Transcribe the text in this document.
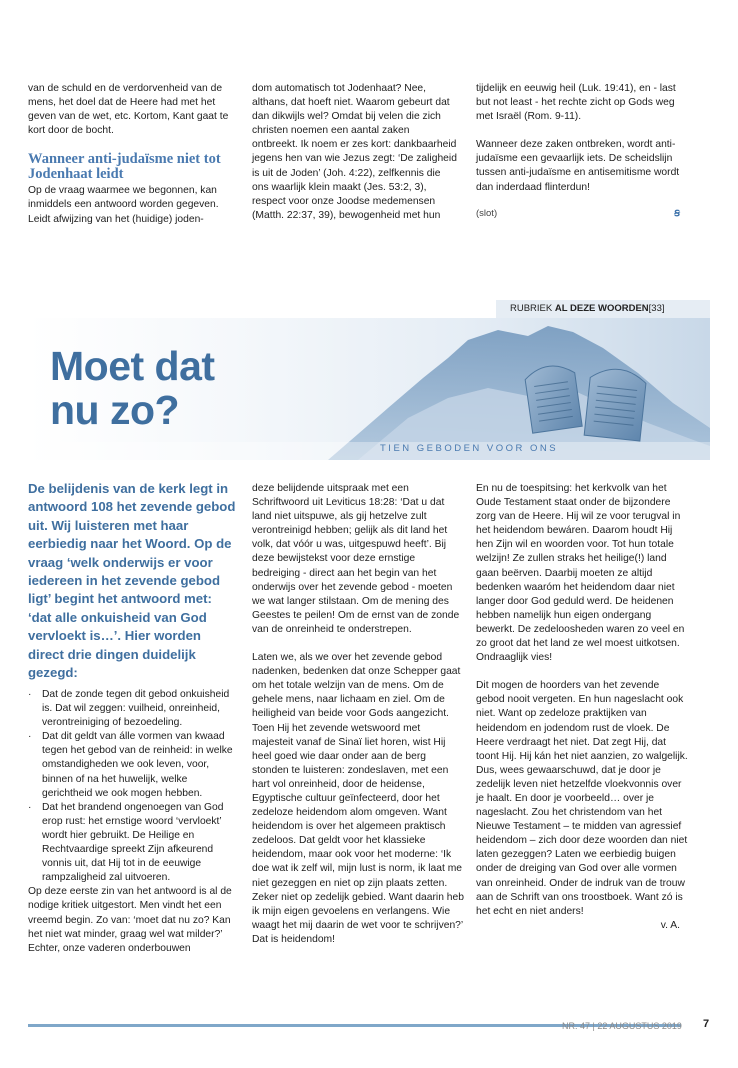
van de schuld en de verdorvenheid van de mens, het doel dat de Heere had met het geven van de wet, etc. Kortom, Kant gaat te kort door de bocht.

Wanneer anti-judaïsme niet tot Jodenhaat leidt

Op de vraag waarmee we begonnen, kan inmiddels een antwoord worden gegeven. Leidt afwijzing van het (huidige) joden-

dom automatisch tot Jodenhaat? Nee, althans, dat hoeft niet. Waarom gebeurt dat dan dikwijls wel? Omdat bij velen die zich christen noemen een aantal zaken ontbreekt. Ik noem er zes kort: dankbaarheid jegens hen van wie Jezus zegt: ‘De zaligheid is uit de Joden’ (Joh. 4:22), zelfkennis die ons waarlijk klein maakt (Jes. 53:2, 3), respect voor onze Joodse medemensen (Matth. 22:37, 39), bewogenheid met hun

tijdelijk en eeuwig heil (Luk. 19:41), en - last but not least - het rechte zicht op Gods weg met Israël (Rom. 9-11).

Wanneer deze zaken ontbreken, wordt anti-judaïsme een gevaarlijk iets. De scheidslijn tussen anti-judaïsme en antisemitisme wordt dan inderdaad flinterdun!

(slot)	ꞩ
RUBRIEK AL DEZE WOORDEN[33]
Moet dat
nu zo?
TIEN GEBODEN VOOR ONS
De belijdenis van de kerk legt in antwoord 108 het zevende gebod uit. Wij luisteren met haar eerbiedig naar het Woord. Op de vraag ‘welk onderwijs er voor iedereen in het zevende gebod ligt’ begint het antwoord met: ‘dat alle onkuisheid van God vervloekt is…’. Hier worden direct drie dingen duidelijk gezegd:
· Dat de zonde tegen dit gebod onkuisheid is. Dat wil zeggen: vuilheid, onreinheid, verontreiniging of bezoedeling.
· Dat dit geldt van álle vormen van kwaad tegen het gebod van de reinheid: in welke omstandigheden we ook leven, voor, binnen of na het huwelijk, welke gerichtheid we ook mogen hebben.
· Dat het brandend ongenoegen van God erop rust: het ernstige woord ‘vervloekt’ wordt hier gebruikt. De Heilige en Rechtvaardige spreekt Zijn afkeurend vonnis uit, dat Hij tot in de eeuwige rampzaligheid zal uitvoeren.

Op deze eerste zin van het antwoord is al de nodige kritiek uitgestort. Men vindt het een vreemd begin. Zo van: ‘moet dat nu zo? Kan het niet wat minder, graag wel wat milder?’ Echter, onze vaderen onderbouwen

deze belijdende uitspraak met een Schriftwoord uit Leviticus 18:28: ‘Dat u dat land niet uitspuwe, als gij hetzelve zult verontreinigd hebben; gelijk als dit land het volk, dat vóór u was, uitgespuwd heeft’. Bij deze bewijstekst voor deze ernstige bedreiging - direct aan het begin van het onderwijs over het zevende gebod - moeten we wat langer stilstaan. Om de mening des Geestes te peilen! Om de ernst van de zonde van de onreinheid te onderstrepen.

Laten we, als we over het zevende gebod nadenken, bedenken dat onze Schepper gaat om het totale welzijn van de mens. Om de gehele mens, naar lichaam en ziel. Om de heiligheid van beide voor Gods aangezicht. Toen Hij het zevende wetswoord met majesteit vanaf de Sinaï liet horen, wist Hij heel goed wie daar onder aan de berg stonden te luisteren: zondeslaven, met een hart vol onreinheid, door de heidense, Egyptische cultuur geïnfecteerd, door het zedeloze heidendom alom omgeven. Want heidendom is over het algemeen praktisch zedeloos. Dat geldt voor het klassieke heidendom, maar ook voor het moderne: ‘Ik doe wat ik zelf wil, mijn lust is norm, ik laat me niet gezeggen en niet op zijn plaats zetten. Zeker niet op zedelijk gebied. Want daarin heb ik mijn eigen gevoelens en verlangens. Wie waagt het mij daarin de wet voor te schrijven?’ Dat is heidendom!

En nu de toespitsing: het kerkvolk van het Oude Testament staat onder de bijzondere zorg van de Heere. Hij wil ze voor terugval in het heidendom bewáren. Daarom houdt Hij hen Zijn wil en woorden voor. Tot hun totale welzijn! Ze zullen straks het heilige(!) land gaan beërven. Daarbij moeten ze altijd bedenken waaróm het heidendom daar niet langer door God geduld werd. De heidenen hebben namelijk hun eigen ondergang bewerkt. De zedeloosheden waren zo veel en zo groot dat het land ze wel moest uitkotsen. Ondraaglijk vies!

Dit mogen de hoorders van het zevende gebod nooit vergeten. En hun nageslacht ook niet. Want op zedeloze praktijken van heidendom en jodendom rust de vloek. De Heere verdraagt het niet. Dat zegt Hij, dat toont Hij. Hij kán het niet aanzien, zo walgelijk. Dus, wees gewaarschuwd, dat je door je zedelijk leven niet hetzelfde vloekvonnis over je haalt. En door je voorbeeld… over je nageslacht. Zou het christendom van het Nieuwe Testament – te midden van agressief heidendom – zich door deze woorden dan niet laten gezeggen? Laten we eerbiedig buigen onder de dreiging van God over alle vormen van onreinheid. Onder de indruk van de trouw aan de Schrift van ons troostboek. Want zó is het echt en niet anders!

v. A.

NR. 47 | 22 AUGUSTUS 2019 7
